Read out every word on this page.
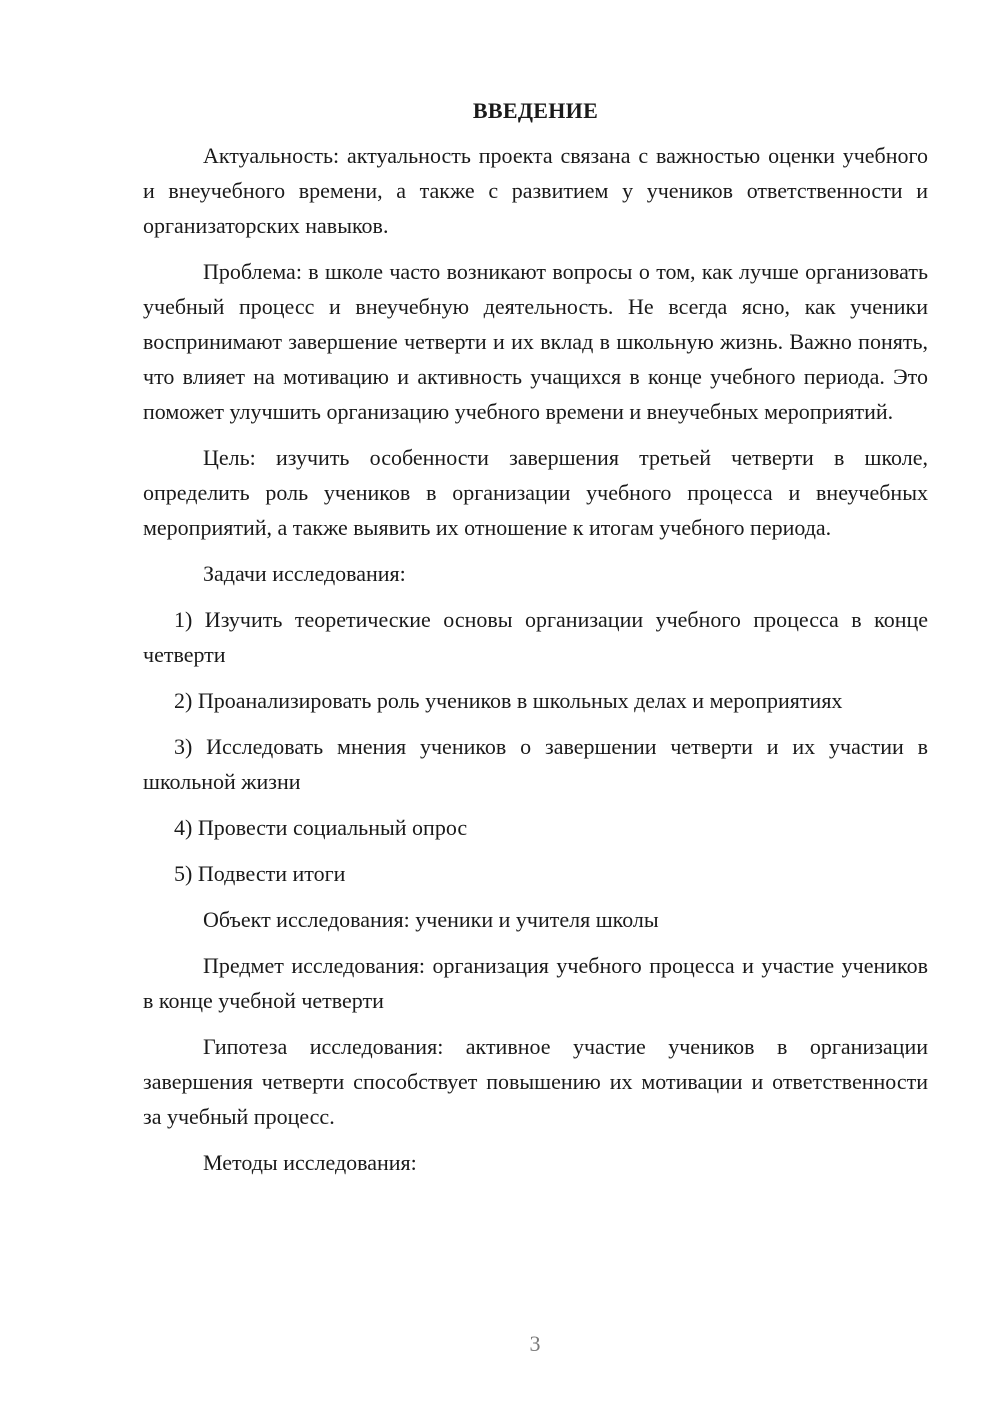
ВВЕДЕНИЕ

Актуальность: актуальность проекта связана с важностью оценки учебного и внеучебного времени, а также с развитием у учеников ответственности и организаторских навыков.

Проблема: в школе часто возникают вопросы о том, как лучше организовать учебный процесс и внеучебную деятельность. Не всегда ясно, как ученики воспринимают завершение четверти и их вклад в школьную жизнь. Важно понять, что влияет на мотивацию и активность учащихся в конце учебного периода. Это поможет улучшить организацию учебного времени и внеучебных мероприятий.

Цель: изучить особенности завершения третьей четверти в школе, определить роль учеников в организации учебного процесса и внеучебных мероприятий, а также выявить их отношение к итогам учебного периода.

Задачи исследования:

1) Изучить теоретические основы организации учебного процесса в конце четверти

2) Проанализировать роль учеников в школьных делах и мероприятиях

3) Исследовать мнения учеников о завершении четверти и их участии в школьной жизни

4) Провести социальный опрос

5) Подвести итоги

Объект исследования: ученики и учителя школы

Предмет исследования: организация учебного процесса и участие учеников в конце учебной четверти

Гипотеза исследования: активное участие учеников в организации завершения четверти способствует повышению их мотивации и ответственности за учебный процесс.

Методы исследования:

3
